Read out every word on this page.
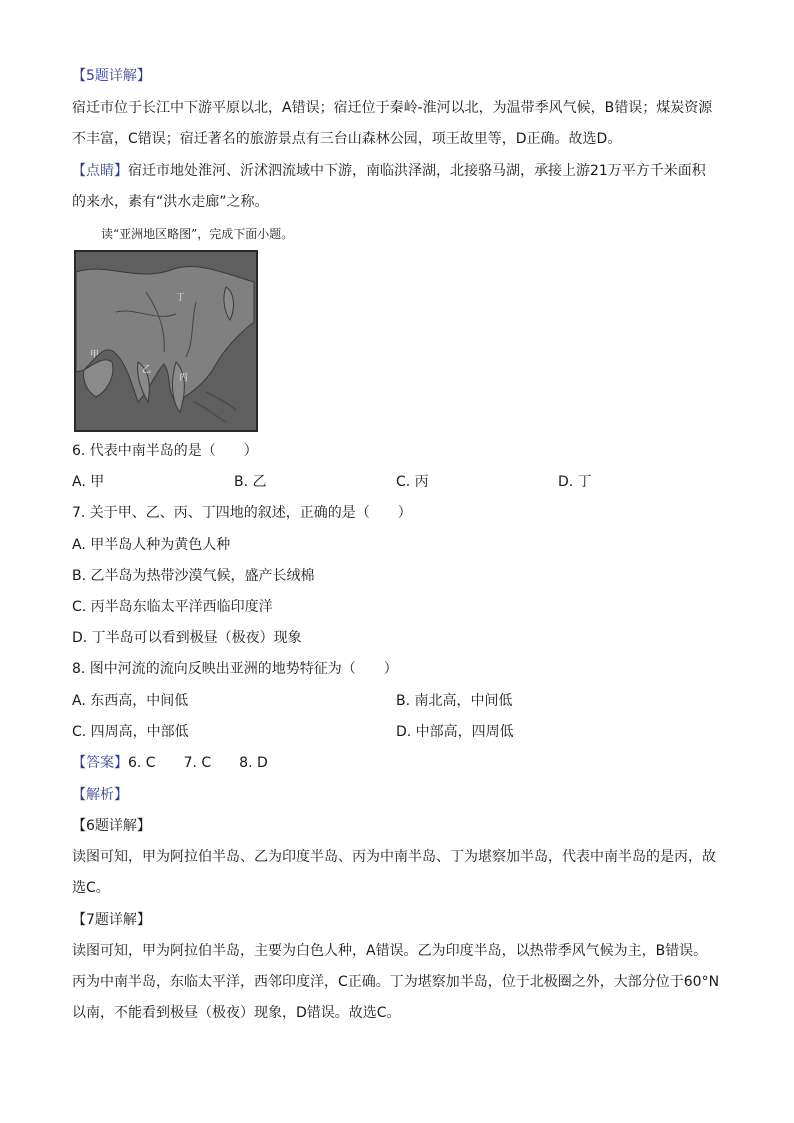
【5题详解】
宿迁市位于长江中下游平原以北，A错误；宿迁位于秦岭-淮河以北，为温带季风气候，B错误；煤炭资源
不丰富，C错误；宿迁著名的旅游景点有三台山森林公园，项王故里等，D正确。故选D。
【点睛】宿迁市地处淮河、沂沭泗流域中下游，南临洪泽湖，北接骆马湖，承接上游21万平方千米面积
的来水，素有“洪水走廊”之称。
读“亚洲地区略图”，完成下面小题。
丁
甲
乙
丙
6. 代表中南半岛的是（　　）
A. 甲	B. 乙	C. 丙	D. 丁
7. 关于甲、乙、丙、丁四地的叙述，正确的是（　　）
A. 甲半岛人种为黄色人种
B. 乙半岛为热带沙漠气候，盛产长绒棉
C. 丙半岛东临太平洋西临印度洋
D. 丁半岛可以看到极昼（极夜）现象
8. 图中河流的流向反映出亚洲的地势特征为（　　）
A. 东西高，中间低	B. 南北高，中间低
C. 四周高，中部低	D. 中部高，四周低
【答案】6. C　　7. C　　8. D
【解析】
【6题详解】
读图可知，甲为阿拉伯半岛、乙为印度半岛、丙为中南半岛、丁为堪察加半岛，代表中南半岛的是丙，故
选C。
【7题详解】
读图可知，甲为阿拉伯半岛，主要为白色人种，A错误。乙为印度半岛，以热带季风气候为主，B错误。
丙为中南半岛，东临太平洋，西邻印度洋，C正确。丁为堪察加半岛，位于北极圈之外，大部分位于60°N
以南，不能看到极昼（极夜）现象，D错误。故选C。
